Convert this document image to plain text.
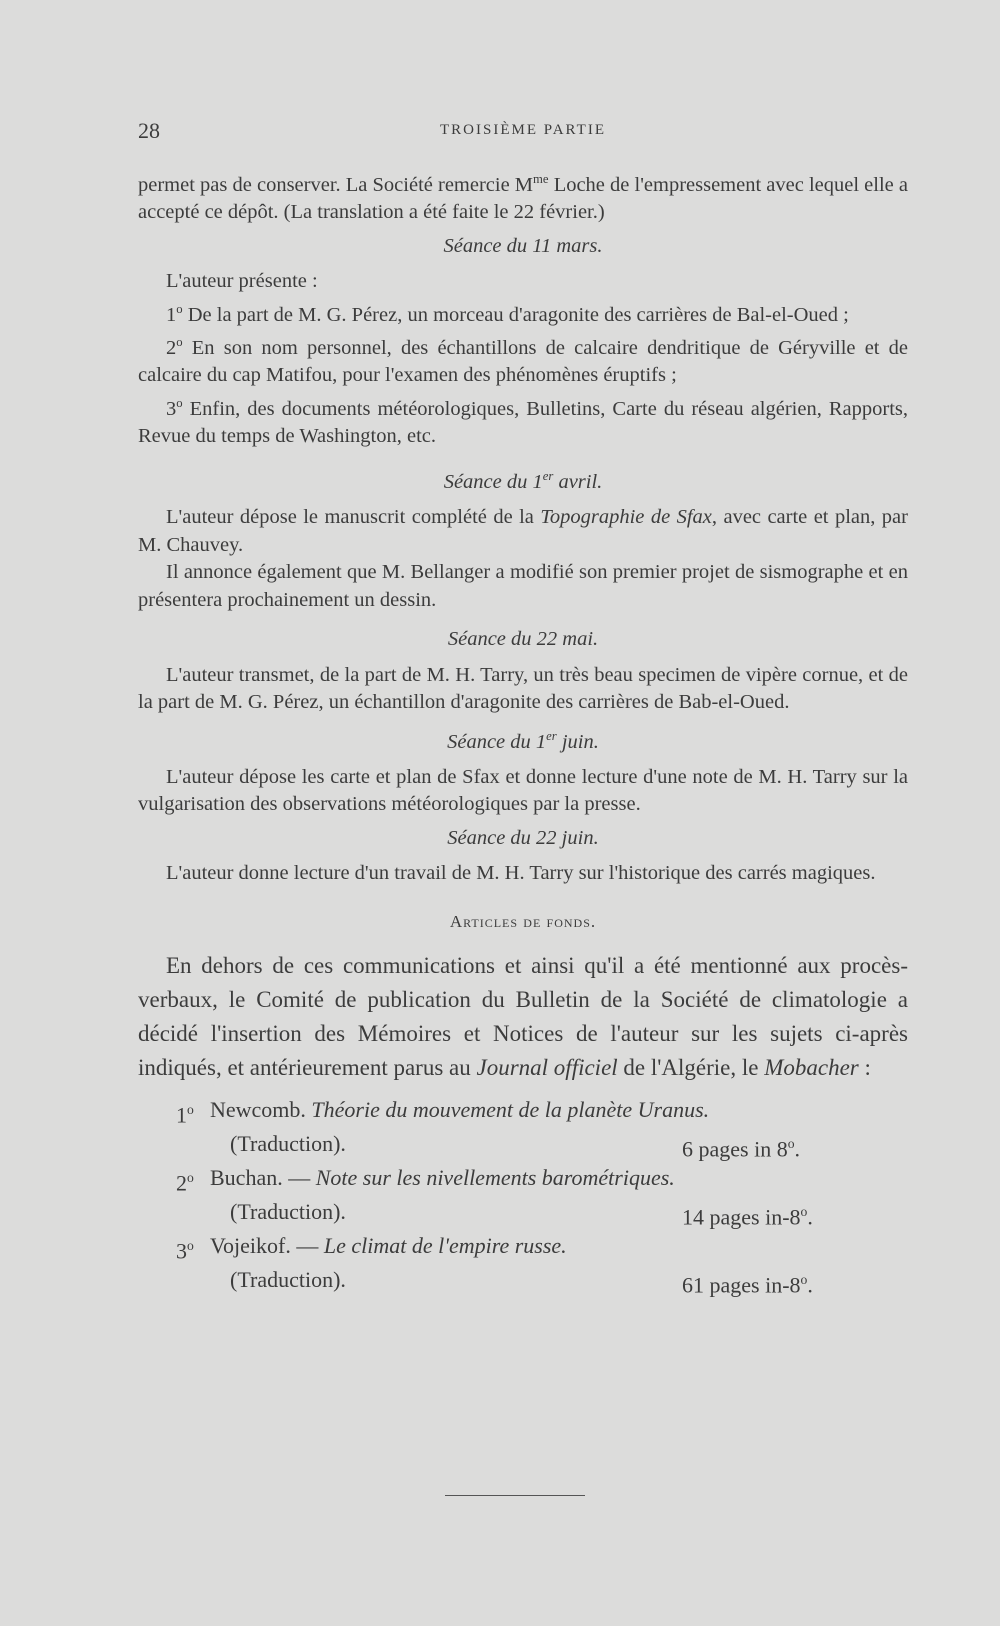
28	TROISIÈME PARTIE

permet pas de conserver. La Société remercie $M^{me}$ Loche de l'empressement avec lequel elle a accepté ce dépôt. (La translation a été faite le 22 février.)

Séance du 11 mars.

L'auteur présente :

1$^o$ De la part de M. G. Pérez, un morceau d'aragonite des carrières de Bal-el-Oued ;

2$^o$ En son nom personnel, des échantillons de calcaire dendritique de Géryville et de calcaire du cap Matifou, pour l'examen des phénomènes éruptifs ;

3$^o$ Enfin, des documents météorologiques, Bulletins, Carte du réseau algérien, Rapports, Revue du temps de Washington, etc.

Séance du 1er avril.

L'auteur dépose le manuscrit complété de la Topographie de Sfax, avec carte et plan, par M. Chauvey.

Il annonce également que M. Bellanger a modifié son premier projet de sismographe et en présentera prochainement un dessin.

Séance du 22 mai.

L'auteur transmet, de la part de M. H. Tarry, un très beau specimen de vipère cornue, et de la part de M. G. Pérez, un échantillon d'aragonite des carrières de Bab-el-Oued.

Séance du 1er juin.

L'auteur dépose les carte et plan de Sfax et donne lecture d'une note de M. H. Tarry sur la vulgarisation des observations météorologiques par la presse.

Séance du 22 juin.

L'auteur donne lecture d'un travail de M. H. Tarry sur l'historique des carrés magiques.

Articles de fonds.

En dehors de ces communications et ainsi qu'il a été mentionné aux procès-verbaux, le Comité de publication du Bulletin de la Société de climatologie a décidé l'insertion des Mémoires et Notices de l'auteur sur les sujets ci-après indiqués, et antérieurement parus au Journal officiel de l'Algérie, le Mobacher :

1$^o$ Newcomb. Théorie du mouvement de la planète Uranus.
(Traduction).	6 pages in 8$^o$.
2$^o$ Buchan. — Note sur les nivellements barométriques.
(Traduction).	14 pages in-8$^o$.
3$^o$ Vojeikof. — Le climat de l'empire russe.
(Traduction).	61 pages in-8$^o$.
